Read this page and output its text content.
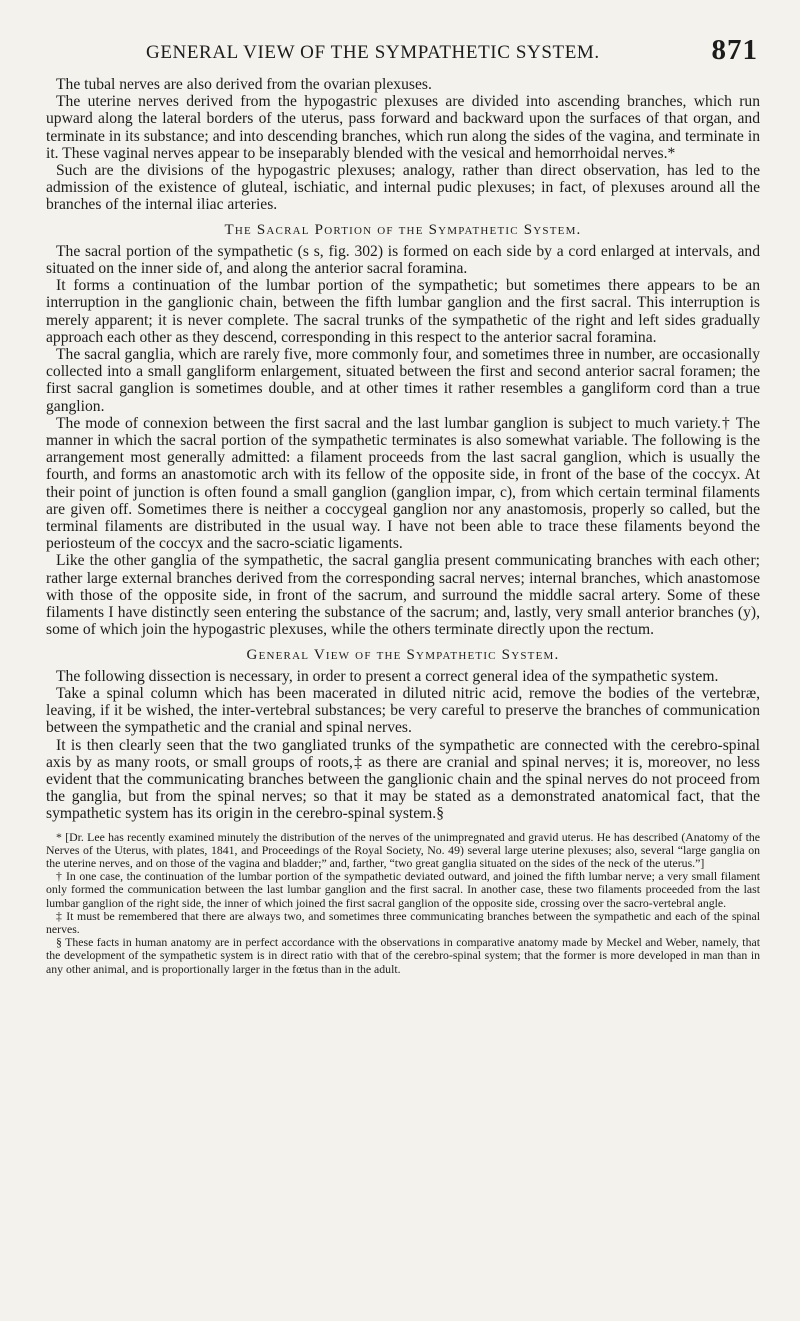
GENERAL VIEW OF THE SYMPATHETIC SYSTEM.	871

The tubal nerves are also derived from the ovarian plexuses.

The uterine nerves derived from the hypogastric plexuses are divided into ascending branches, which run upward along the lateral borders of the uterus, pass forward and backward upon the surfaces of that organ, and terminate in its substance; and into descending branches, which run along the sides of the vagina, and terminate in it. These vaginal nerves appear to be inseparably blended with the vesical and hemorrhoidal nerves.*

Such are the divisions of the hypogastric plexuses; analogy, rather than direct observation, has led to the admission of the existence of gluteal, ischiatic, and internal pudic plexuses; in fact, of plexuses around all the branches of the internal iliac arteries.

The Sacral Portion of the Sympathetic System.

The sacral portion of the sympathetic (s s, fig. 302) is formed on each side by a cord enlarged at intervals, and situated on the inner side of, and along the anterior sacral foramina.

It forms a continuation of the lumbar portion of the sympathetic; but sometimes there appears to be an interruption in the ganglionic chain, between the fifth lumbar ganglion and the first sacral. This interruption is merely apparent; it is never complete. The sacral trunks of the sympathetic of the right and left sides gradually approach each other as they descend, corresponding in this respect to the anterior sacral foramina.

The sacral ganglia, which are rarely five, more commonly four, and sometimes three in number, are occasionally collected into a small gangliform enlargement, situated between the first and second anterior sacral foramen; the first sacral ganglion is sometimes double, and at other times it rather resembles a gangliform cord than a true ganglion.

The mode of connexion between the first sacral and the last lumbar ganglion is subject to much variety.† The manner in which the sacral portion of the sympathetic terminates is also somewhat variable. The following is the arrangement most generally admitted: a filament proceeds from the last sacral ganglion, which is usually the fourth, and forms an anastomotic arch with its fellow of the opposite side, in front of the base of the coccyx. At their point of junction is often found a small ganglion (ganglion impar, c), from which certain terminal filaments are given off. Sometimes there is neither a coccygeal ganglion nor any anastomosis, properly so called, but the terminal filaments are distributed in the usual way. I have not been able to trace these filaments beyond the periosteum of the coccyx and the sacro-sciatic ligaments.

Like the other ganglia of the sympathetic, the sacral ganglia present communicating branches with each other; rather large external branches derived from the corresponding sacral nerves; internal branches, which anastomose with those of the opposite side, in front of the sacrum, and surround the middle sacral artery. Some of these filaments I have distinctly seen entering the substance of the sacrum; and, lastly, very small anterior branches (y), some of which join the hypogastric plexuses, while the others terminate directly upon the rectum.

General View of the Sympathetic System.

The following dissection is necessary, in order to present a correct general idea of the sympathetic system.

Take a spinal column which has been macerated in diluted nitric acid, remove the bodies of the vertebræ, leaving, if it be wished, the inter-vertebral substances; be very careful to preserve the branches of communication between the sympathetic and the cranial and spinal nerves.

It is then clearly seen that the two gangliated trunks of the sympathetic are connected with the cerebro-spinal axis by as many roots, or small groups of roots,‡ as there are cranial and spinal nerves; it is, moreover, no less evident that the communicating branches between the ganglionic chain and the spinal nerves do not proceed from the ganglia, but from the spinal nerves; so that it may be stated as a demonstrated anatomical fact, that the sympathetic system has its origin in the cerebro-spinal system.§

* [Dr. Lee has recently examined minutely the distribution of the nerves of the unimpregnated and gravid uterus. He has described (Anatomy of the Nerves of the Uterus, with plates, 1841, and Proceedings of the Royal Society, No. 49) several large uterine plexuses; also, several “large ganglia on the uterine nerves, and on those of the vagina and bladder;” and, farther, “two great ganglia situated on the sides of the neck of the uterus.”]

† In one case, the continuation of the lumbar portion of the sympathetic deviated outward, and joined the fifth lumbar nerve; a very small filament only formed the communication between the last lumbar ganglion and the first sacral. In another case, these two filaments proceeded from the last lumbar ganglion of the right side, the inner of which joined the first sacral ganglion of the opposite side, crossing over the sacro-vertebral angle.

‡ It must be remembered that there are always two, and sometimes three communicating branches between the sympathetic and each of the spinal nerves.

§ These facts in human anatomy are in perfect accordance with the observations in comparative anatomy made by Meckel and Weber, namely, that the development of the sympathetic system is in direct ratio with that of the cerebro-spinal system; that the former is more developed in man than in any other animal, and is proportionally larger in the fœtus than in the adult.
